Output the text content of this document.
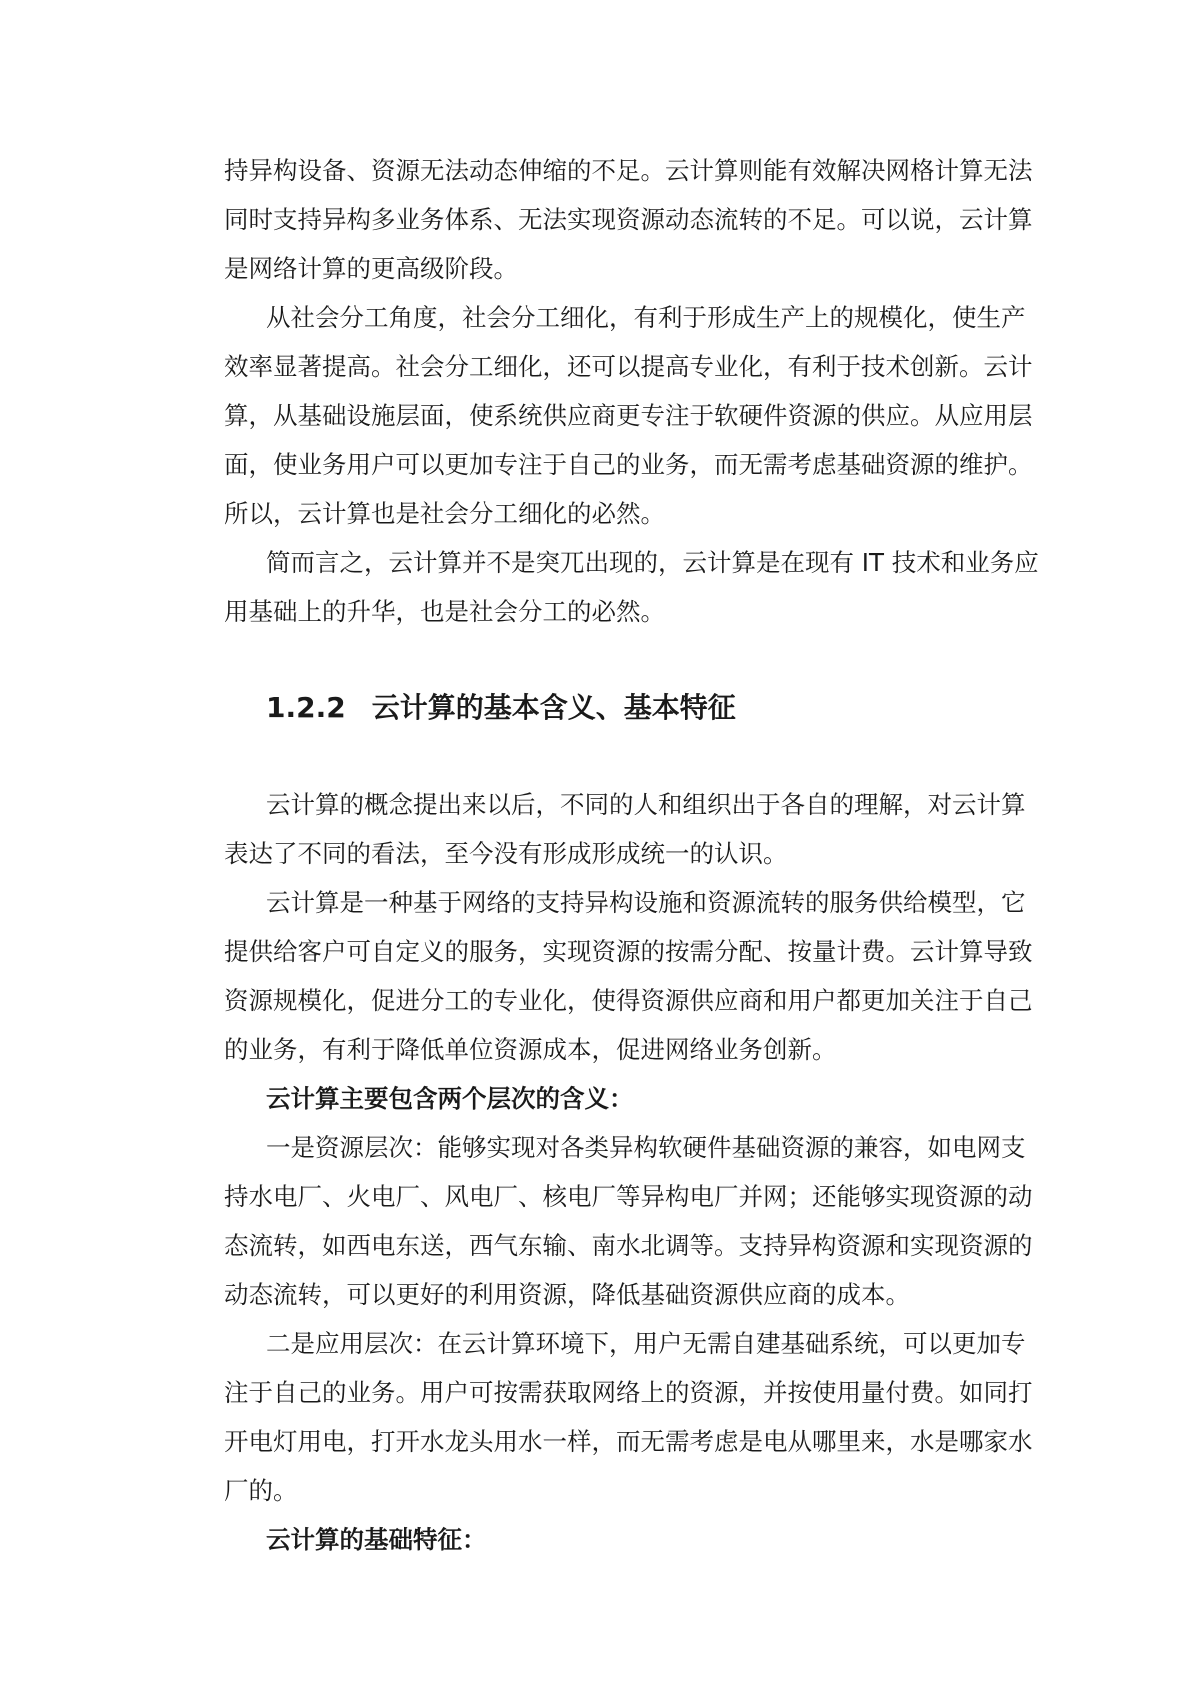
持异构设备、资源无法动态伸缩的不足。云计算则能有效解决网格计算无法
同时支持异构多业务体系、无法实现资源动态流转的不足。可以说，云计算
是网络计算的更高级阶段。
从社会分工角度，社会分工细化，有利于形成生产上的规模化，使生产
效率显著提高。社会分工细化，还可以提高专业化，有利于技术创新。云计
算，从基础设施层面，使系统供应商更专注于软硬件资源的供应。从应用层
面，使业务用户可以更加专注于自己的业务，而无需考虑基础资源的维护。
所以，云计算也是社会分工细化的必然。
简而言之，云计算并不是突兀出现的，云计算是在现有 IT 技术和业务应
用基础上的升华，也是社会分工的必然。
1.2.2 云计算的基本含义、基本特征
云计算的概念提出来以后，不同的人和组织出于各自的理解，对云计算
表达了不同的看法，至今没有形成形成统一的认识。
云计算是一种基于网络的支持异构设施和资源流转的服务供给模型，它
提供给客户可自定义的服务，实现资源的按需分配、按量计费。云计算导致
资源规模化，促进分工的专业化，使得资源供应商和用户都更加关注于自己
的业务，有利于降低单位资源成本，促进网络业务创新。
云计算主要包含两个层次的含义：
一是资源层次：能够实现对各类异构软硬件基础资源的兼容，如电网支
持水电厂、火电厂、风电厂、核电厂等异构电厂并网；还能够实现资源的动
态流转，如西电东送，西气东输、南水北调等。支持异构资源和实现资源的
动态流转，可以更好的利用资源，降低基础资源供应商的成本。
二是应用层次：在云计算环境下，用户无需自建基础系统，可以更加专
注于自己的业务。用户可按需获取网络上的资源，并按使用量付费。如同打
开电灯用电，打开水龙头用水一样，而无需考虑是电从哪里来，水是哪家水
厂的。
云计算的基础特征：
